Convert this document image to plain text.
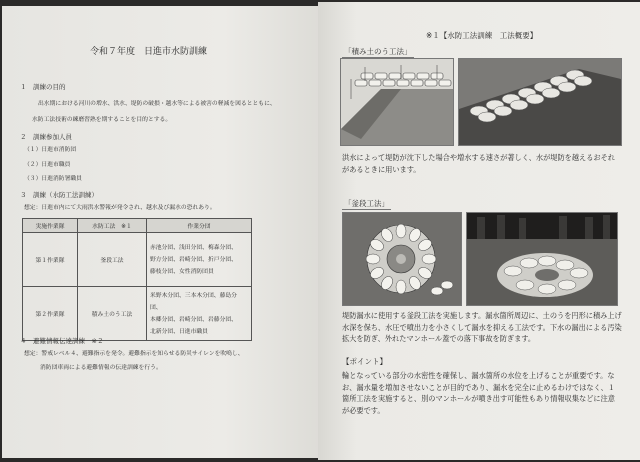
令和７年度　日進市水防訓練
１　訓練の目的
出水期における河川の増水、洪水、堤防の破損・越水等による被害の軽減を図るとともに、
水防工法技術の練磨習熟を期することを目的とする。
２　訓練参加人員
（１）日進市消防団
（２）日進市職員
（３）日進消防署職員
３　訓練（水防工法訓練）
想定：日進市内にて大雨洪水警報が発令され、越水及び漏水の恐れあり。
実施作業隊	水防工法　※１	作業分団
第１作業隊	釜段工法	赤池分団、浅田分団、梅森分団、
野方分団、岩崎分団、折戸分団、
藤枝分団、女性消防団員

第２作業隊	積み土のう工法	米野木分団、三本木分団、藤島分団、
本郷分団、岩崎分団、岩藤分団、
北新分団、日進市職員
４　避難情報伝達訓練　※２
想定：警戒レベル４、避難指示を発令。避難指示を知らせる防災サイレンを吹鳴し、
消防団車両による避難情報の伝達訓練を行う。
※１【水防工法訓練　工法概要】
「積み土のう工法」
洪水によって堤防が沈下した場合や増水する速さが著しく、水が堤防を越えるおそれがあるときに用います。
「釜段工法」
堤防漏水に使用する釜段工法を実施します。漏水箇所周辺に、土のうを円形に積み上げ水深を保ち、水圧で噴出力を小さくして漏水を抑える工法です。下水の漏出による汚染拡大を防ぎ、外れたマンホール蓋での落下事故を防ぎます。
【ポイント】
輪となっている部分の水密性を確保し、漏水箇所の水位を上げることが重要です。なお、漏水量を増加させないことが目的であり、漏水を完全に止めるわけではなく、１箇所工法を実施すると、別のマンホールが噴き出す可能性もあり情報収集などに注意が必要です。
